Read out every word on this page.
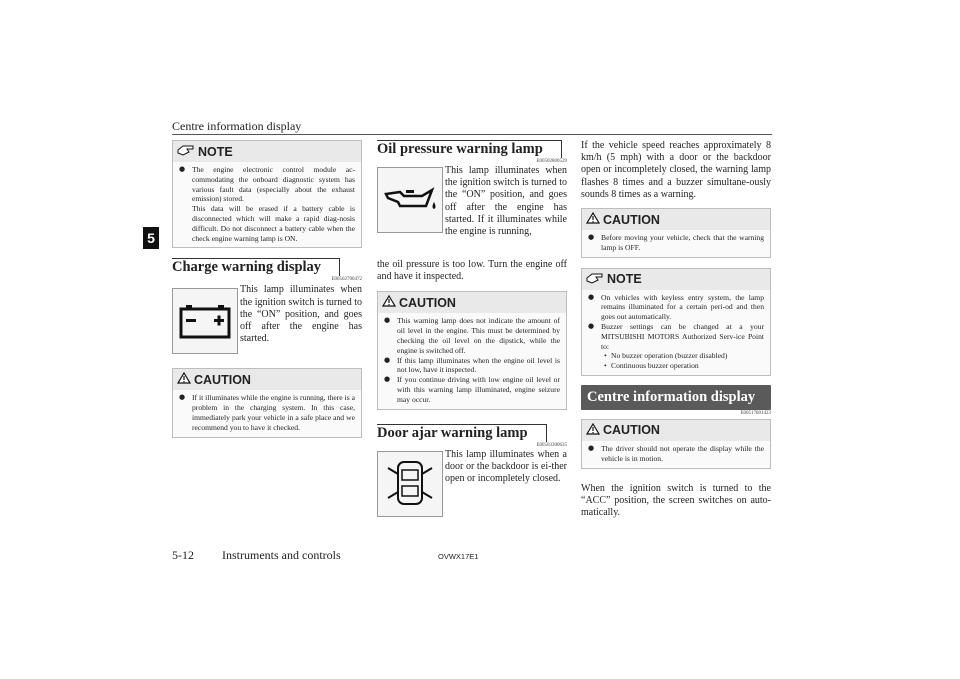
Centre information display
5
NOTE
● The engine electronic control module ac-commodating the onboard diagnostic system has various fault data (especially about the exhaust emission) stored.
This data will be erased if a battery cable is disconnected which will make a rapid diag-nosis difficult. Do not disconnect a battery cable when the check engine warning lamp is ON.
Charge warning display
E00502700472
This lamp illuminates when the ignition switch is turned to the “ON” position, and goes off after the engine has started.
CAUTION
● If it illuminates while the engine is running, there is a problem in the charging system. In this case, immediately park your vehicle in a safe place and we recommend you to have it checked.
Oil pressure warning lamp
E00502800529
This lamp illuminates when the ignition switch is turned to the “ON” position, and goes off after the engine has started. If it illuminates while the engine is running,
the oil pressure is too low. Turn the engine off and have it inspected.
CAUTION
● This warning lamp does not indicate the amount of oil level in the engine. This must be determined by checking the oil level on the dipstick, while the engine is switched off.
● If this lamp illuminates when the engine oil level is not low, have it inspected.
● If you continue driving with low engine oil level or with this warning lamp illuminated, engine seizure may occur.
Door ajar warning lamp
E00503300635
This lamp illuminates when a door or the backdoor is ei-ther open or incompletely closed.
If the vehicle speed reaches approximately 8 km/h (5 mph) with a door or the backdoor open or incompletely closed, the warning lamp flashes 8 times and a buzzer simultane-ously sounds 8 times as a warning.
CAUTION
● Before moving your vehicle, check that the warning lamp is OFF.
NOTE
● On vehicles with keyless entry system, the lamp remains illuminated for a certain peri-od and then goes out automatically.
● Buzzer settings can be changed at a your MITSUBISHI MOTORS Authorized Serv-ice Point to:
• No buzzer operation (buzzer disabled)
• Continuous buzzer operation
Centre information display
E00517801423
CAUTION
● The driver should not operate the display while the vehicle is in motion.
When the ignition switch is turned to the “ACC” position, the screen switches on auto-matically.
5-12 Instruments and controls	OVWX17E1
